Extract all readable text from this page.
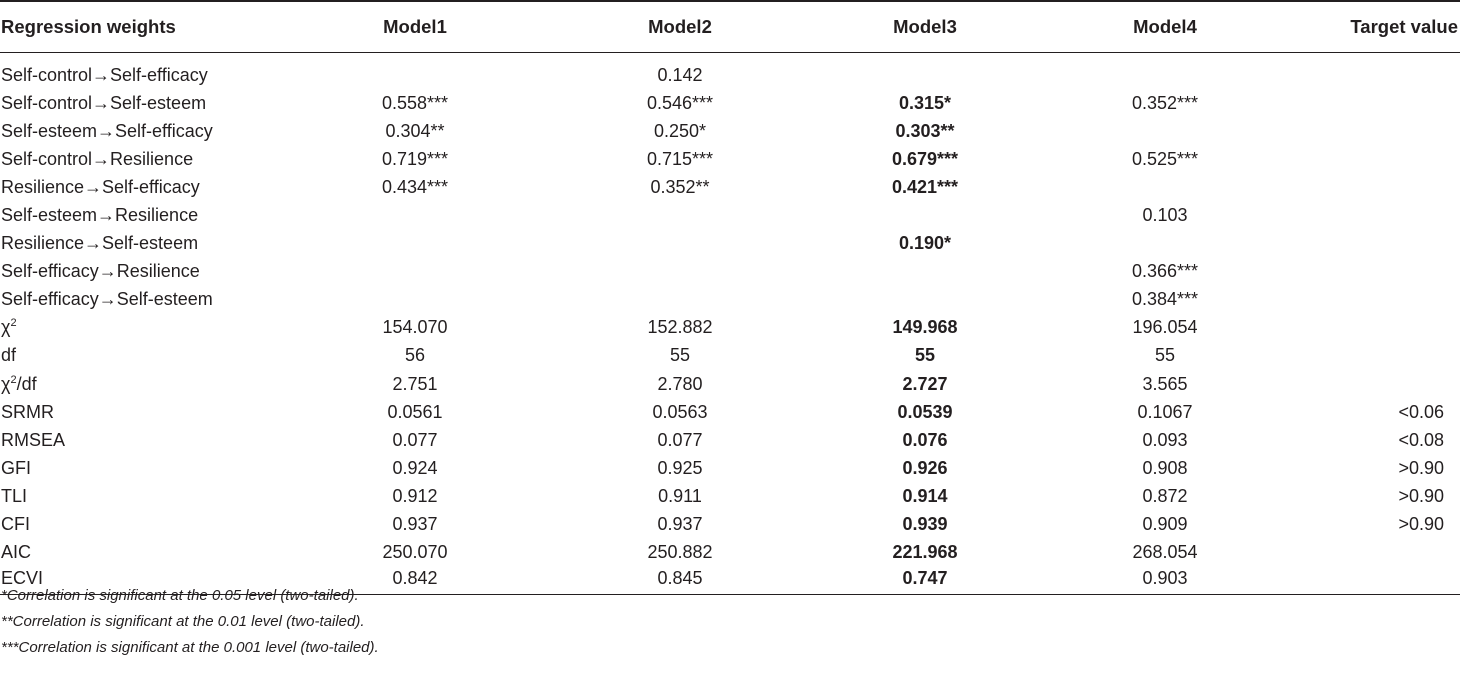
Regression weights	Model1	Model2	Model3	Model4	Target value

Self-control→Self-efficacy		0.142			
Self-control→Self-esteem	0.558***	0.546***	0.315*	0.352***	
Self-esteem→Self-efficacy	0.304**	0.250*	0.303**		
Self-control→Resilience	0.719***	0.715***	0.679***	0.525***	
Resilience→Self-efficacy	0.434***	0.352**	0.421***		
Self-esteem→Resilience				0.103	
Resilience→Self-esteem			0.190*		
Self-efficacy→Resilience				0.366***	
Self-efficacy→Self-esteem				0.384***	
$\chi^2$	154.070	152.882	149.968	196.054	
df	56	55	55	55	
$\chi^2/df$	2.751	2.780	2.727	3.565	
SRMR	0.0561	0.0563	0.0539	0.1067	<0.06
RMSEA	0.077	0.077	0.076	0.093	<0.08
GFI	0.924	0.925	0.926	0.908	>0.90
TLI	0.912	0.911	0.914	0.872	>0.90
CFI	0.937	0.937	0.939	0.909	>0.90
AIC	250.070	250.882	221.968	268.054	
ECVI	0.842	0.845	0.747	0.903	
*Correlation is significant at the 0.05 level (two-tailed).
**Correlation is significant at the 0.01 level (two-tailed).
***Correlation is significant at the 0.001 level (two-tailed).
